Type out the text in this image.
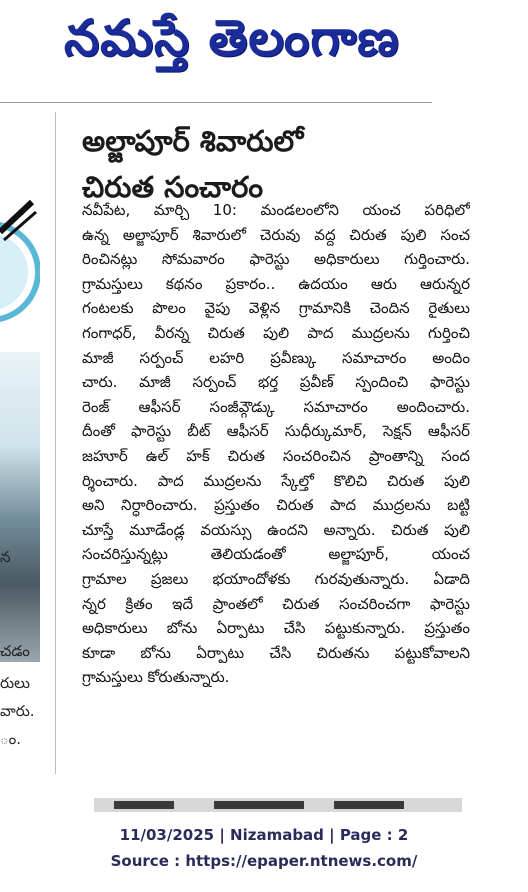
నమస్తే తెలంగాణ
న
చడం
రులు
వారు.
ం.
అల్జాపూర్ శివారులో
చిరుత సంచారం
నవీపేట, మార్చి 10: మండలంలోని యంచ పరిధిలో
ఉన్న అల్జాపూర్ శివారులో చెరువు వద్ద చిరుత పులి సంచ
రించినట్లు సోమవారం ఫారెస్టు అధికారులు గుర్తించారు.
గ్రామస్తులు కథనం ప్రకారం.. ఉదయం ఆరు ఆరున్నర
గంటలకు పొలం వైపు వెళ్లిన గ్రామానికి చెందిన రైతులు
గంగాధర్, వీరన్న చిరుత పులి పాద ముద్రలను గుర్తించి
మాజీ సర్పంచ్ లహరి ప్రవీణ్కు సమాచారం అందిం
చారు. మాజీ సర్పంచ్ భర్త ప్రవీణ్ స్పందించి ఫారెస్టు
రెంజ్ ఆఫీసర్ సంజీవ్గౌడ్కు సమాచారం అందించారు.
దీంతో ఫారెస్టు బీట్ ఆఫీసర్ సుధీర్కుమార్, సెక్షన్ ఆఫీసర్
జహూర్ ఉల్ హక్ చిరుత సంచరించిన ప్రాంతాన్ని సంద
ర్శించారు. పాద ముద్రలను స్కేల్తో కొలిచి చిరుత పులి
అని నిర్ధారించారు. ప్రస్తుతం చిరుత పాద ముద్రలను బట్టి
చూస్తే మూడేండ్ల వయస్సు ఉందని అన్నారు. చిరుత పులి
సంచరిస్తున్నట్లు తెలియడంతో అల్జాపూర్, యంచ
గ్రామాల ప్రజలు భయాందోళకు గురవుతున్నారు. ఏడాది
న్నర క్రితం ఇదే ప్రాంతలో చిరుత సంచరించగా ఫారెస్టు
అధికారులు బోను ఏర్పాటు చేసి పట్టుకున్నారు. ప్రస్తుతం
కూడా బోను ఏర్పాటు చేసి చిరుతను పట్టుకోవాలని
గ్రామస్తులు కోరుతున్నారు.
11/03/2025 | Nizamabad | Page : 2
Source : https://epaper.ntnews.com/
